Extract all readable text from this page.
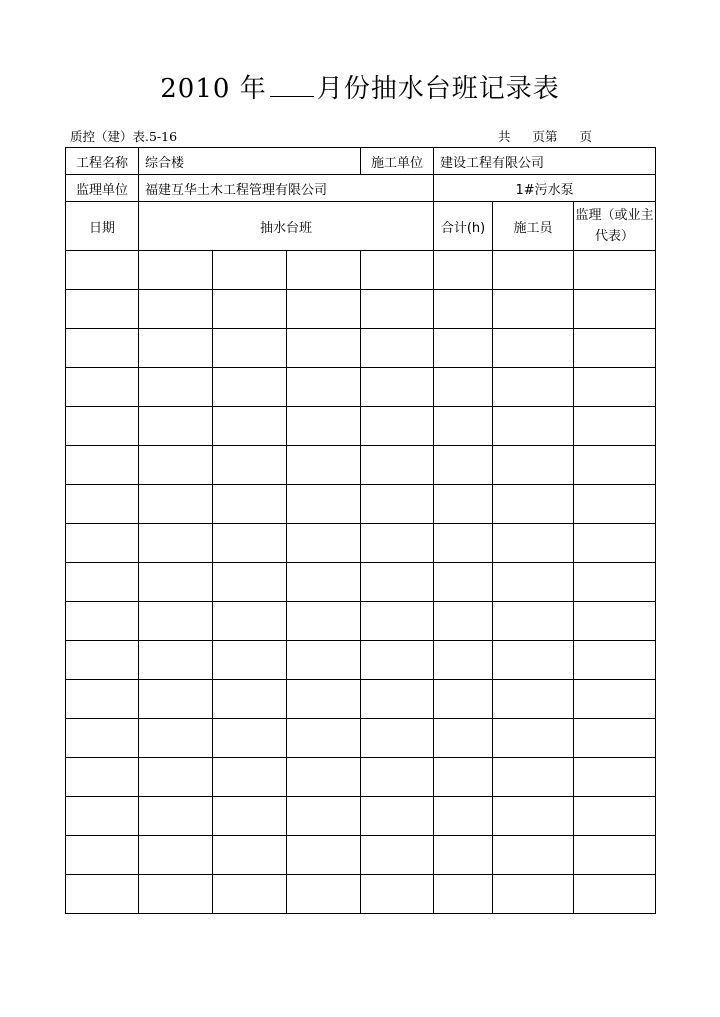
2010 年 月份抽水台班记录表
质控（建）表.5-16	共 页第 页
工程名称	综合楼			施工单位	建设工程有限公司		
监理单位	福建互华土木工程管理有限公司				1#污水泵		
日期	抽水台班				合计(h)	施工员	监理（或业主代表）
